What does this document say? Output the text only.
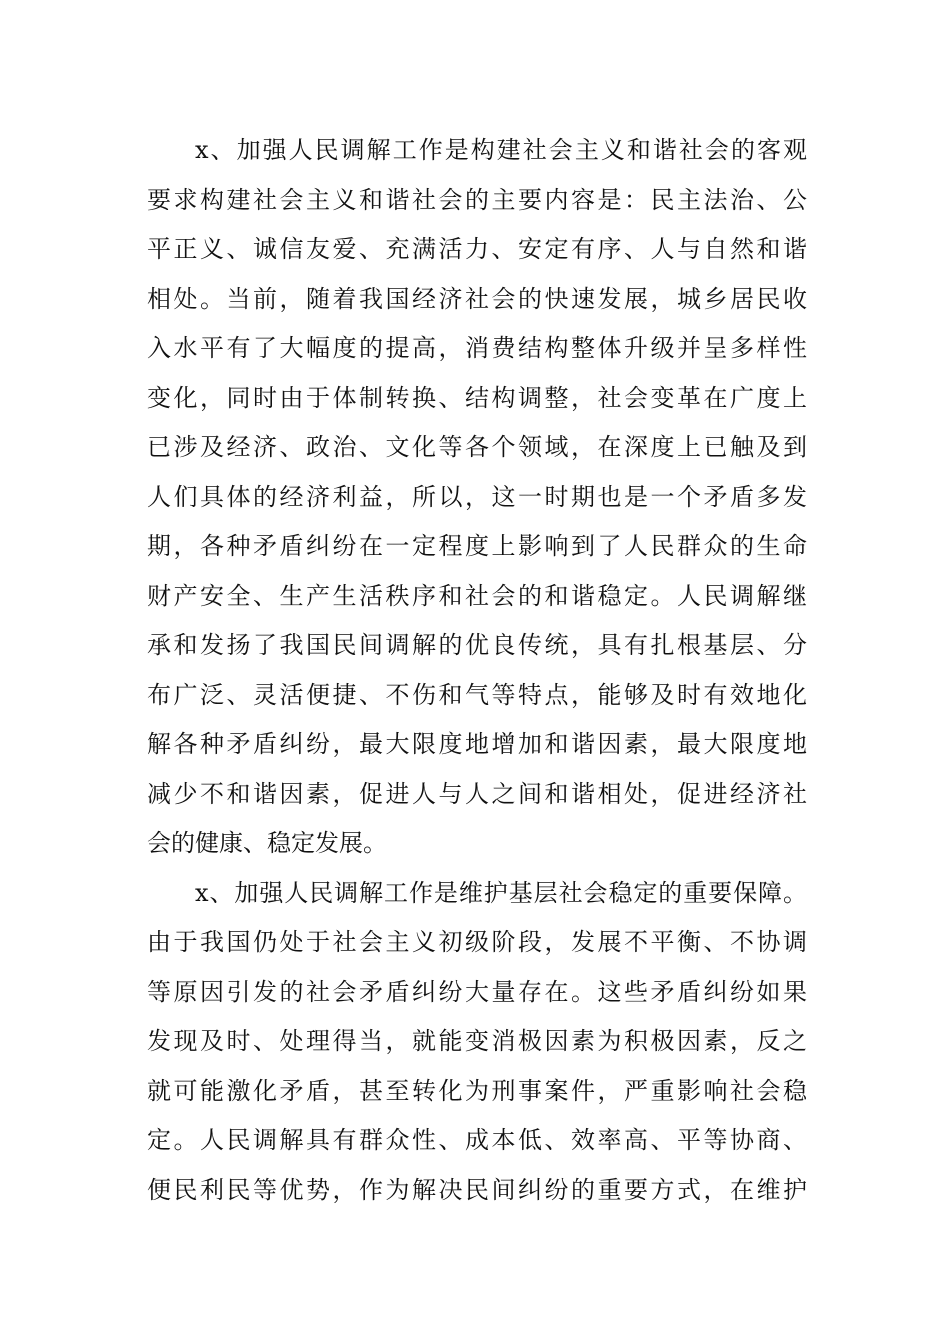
x、加强人民调解工作是构建社会主义和谐社会的客观
要求构建社会主义和谐社会的主要内容是：民主法治、公
平正义、诚信友爱、充满活力、安定有序、人与自然和谐
相处。当前，随着我国经济社会的快速发展，城乡居民收
入水平有了大幅度的提高，消费结构整体升级并呈多样性
变化，同时由于体制转换、结构调整，社会变革在广度上
已涉及经济、政治、文化等各个领域，在深度上已触及到
人们具体的经济利益，所以，这一时期也是一个矛盾多发
期，各种矛盾纠纷在一定程度上影响到了人民群众的生命
财产安全、生产生活秩序和社会的和谐稳定。人民调解继
承和发扬了我国民间调解的优良传统，具有扎根基层、分
布广泛、灵活便捷、不伤和气等特点，能够及时有效地化
解各种矛盾纠纷，最大限度地增加和谐因素，最大限度地
减少不和谐因素，促进人与人之间和谐相处，促进经济社
会的健康、稳定发展。
x、加强人民调解工作是维护基层社会稳定的重要保障。
由于我国仍处于社会主义初级阶段，发展不平衡、不协调
等原因引发的社会矛盾纠纷大量存在。这些矛盾纠纷如果
发现及时、处理得当，就能变消极因素为积极因素，反之
就可能激化矛盾，甚至转化为刑事案件，严重影响社会稳
定。人民调解具有群众性、成本低、效率高、平等协商、
便民利民等优势，作为解决民间纠纷的重要方式，在维护
